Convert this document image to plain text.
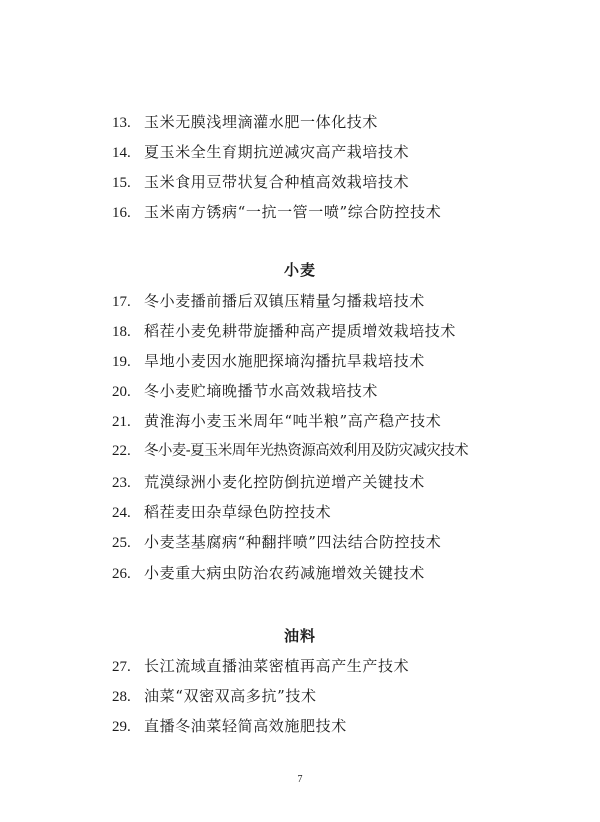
13. 玉米无膜浅埋滴灌水肥一体化技术
14. 夏玉米全生育期抗逆减灾高产栽培技术
15. 玉米食用豆带状复合种植高效栽培技术
16. 玉米南方锈病“一抗一管一喷”综合防控技术
小麦
17. 冬小麦播前播后双镇压精量匀播栽培技术
18. 稻茬小麦免耕带旋播种高产提质增效栽培技术
19. 旱地小麦因水施肥探墒沟播抗旱栽培技术
20. 冬小麦贮墒晚播节水高效栽培技术
21. 黄淮海小麦玉米周年“吨半粮”高产稳产技术
22. 冬小麦-夏玉米周年光热资源高效利用及防灾减灾技术
23. 荒漠绿洲小麦化控防倒抗逆增产关键技术
24. 稻茬麦田杂草绿色防控技术
25. 小麦茎基腐病“种翻拌喷”四法结合防控技术
26. 小麦重大病虫防治农药减施增效关键技术
油料
27. 长江流域直播油菜密植再高产生产技术
28. 油菜“双密双高多抗”技术
29. 直播冬油菜轻简高效施肥技术
7
